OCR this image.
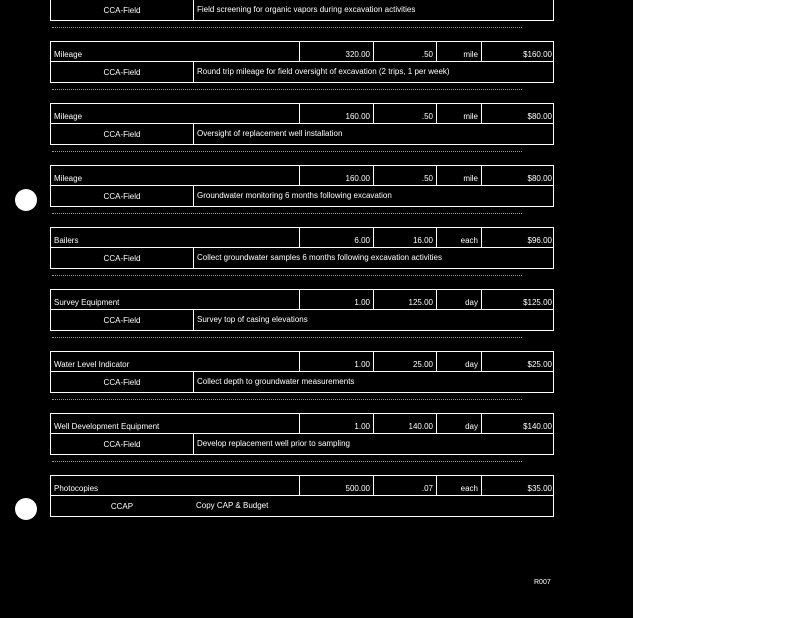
CCA-Field	Field screening for organic vapors during excavation activities
Mileage	320.00	.50	mile	$160.00
CCA-Field	Round trip mileage for field oversight of excavation (2 trips, 1 per week)
Mileage	160.00	.50	mile	$80.00
CCA-Field	Oversight of replacement well installation
Mileage	160.00	.50	mile	$80.00
CCA-Field	Groundwater monitoring 6 months following excavation
Bailers	6.00	16.00	each	$96.00
CCA-Field	Collect groundwater samples 6 months following excavation activities
Survey Equipment	1.00	125.00	day	$125.00
CCA-Field	Survey top of casing elevations
Water Level Indicator	1.00	25.00	day	$25.00
CCA-Field	Collect depth to groundwater measurements
Well Development Equipment	1.00	140.00	day	$140.00
CCA-Field	Develop replacement well prior to sampling
Photocopies	500.00	.07	each	$35.00
CCAP	Copy CAP & Budget
R007
